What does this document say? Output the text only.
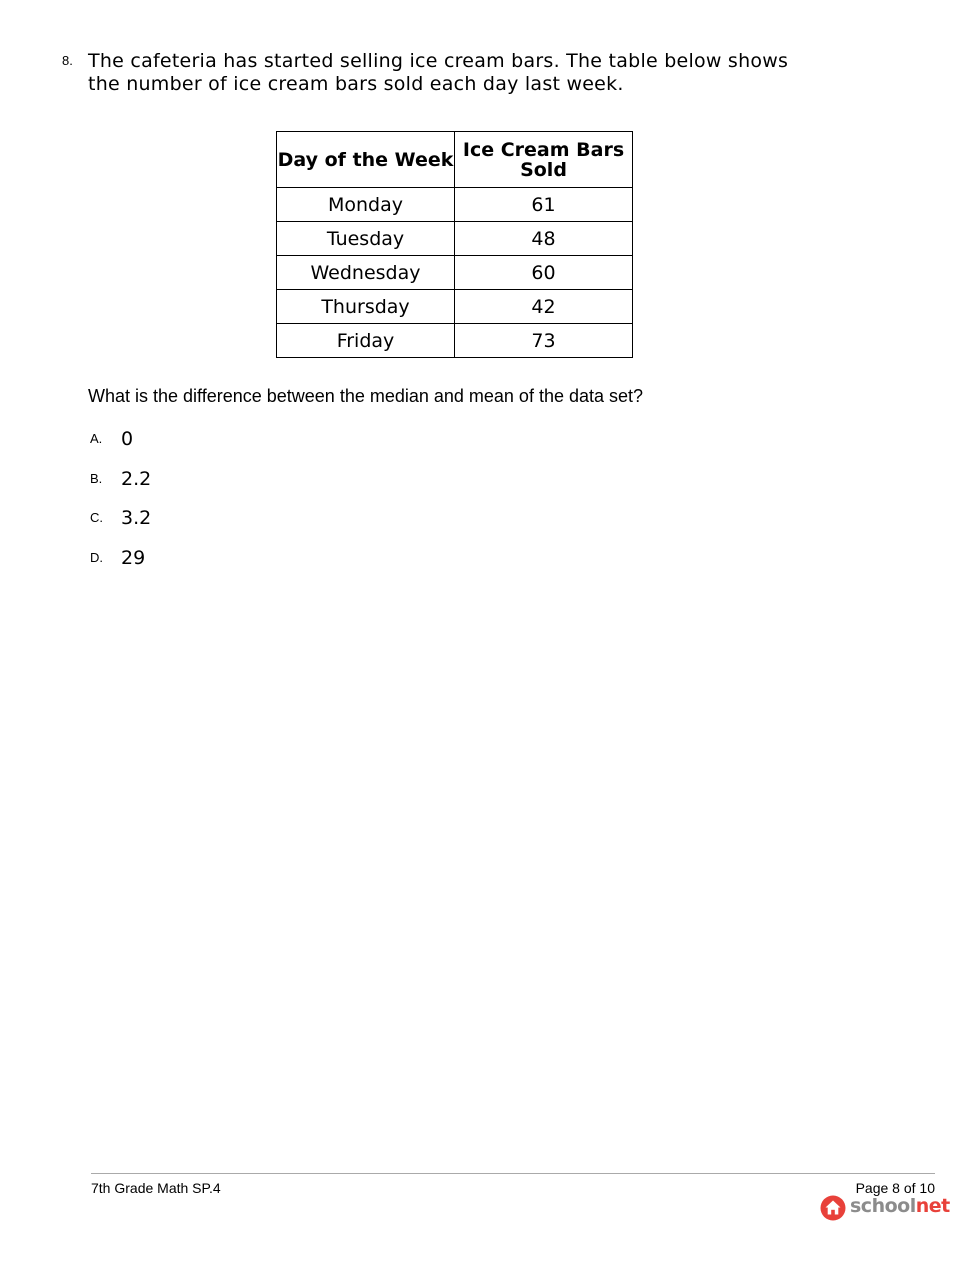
8. The cafeteria has started selling ice cream bars. The table below shows
the number of ice cream bars sold each day last week.
Day of the Week	Ice Cream Bars Sold
Monday	61
Tuesday	48
Wednesday	60
Thursday	42
Friday	73
What is the difference between the median and mean of the data set?
A. 0
B. 2.2
C. 3.2
D. 29
7th Grade Math SP.4	Page 8 of 10
schoolnet
